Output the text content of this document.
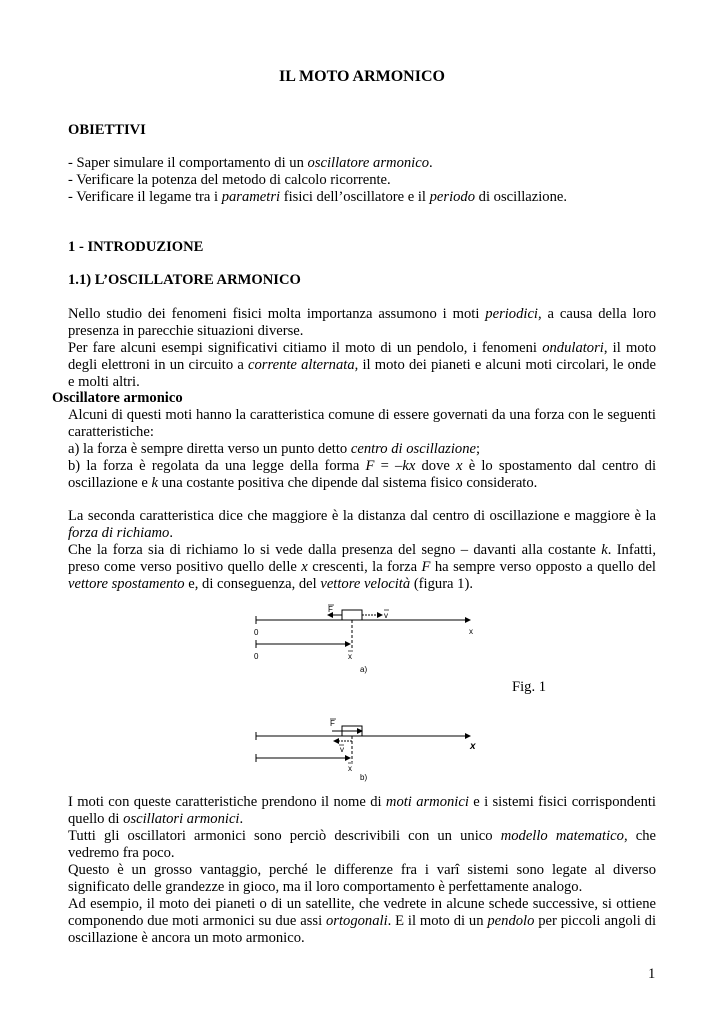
IL MOTO ARMONICO
OBIETTIVI
- Saper simulare il comportamento di un oscillatore armonico.
- Verificare la potenza del metodo di calcolo ricorrente.
- Verificare il legame tra i parametri fisici dell’oscillatore e il periodo di oscillazione.
1 - INTRODUZIONE
1.1) L’OSCILLATORE ARMONICO

Nello studio dei fenomeni fisici molta importanza assumono i moti periodici, a causa della loro presenza in parecchie situazioni diverse.

Per fare alcuni esempi significativi citiamo il moto di un pendolo, i fenomeni ondulatori, il moto degli elettroni in un circuito a corrente alternata, il moto dei pianeti e alcuni moti circolari, le onde e molti altri.

Oscillatore armonico

Alcuni di questi moti hanno la caratteristica comune di essere governati da una forza con le seguenti caratteristiche:

a) la forza è sempre diretta verso un punto detto centro di oscillazione;

b) la forza è regolata da una legge della forma F = –kx dove x è lo spostamento dal centro di oscillazione e k una costante positiva che dipende dal sistema fisico considerato.

La seconda caratteristica dice che maggiore è la distanza dal centro di oscillazione e maggiore è la forza di richiamo.

Che la forza sia di richiamo lo si vede dalla presenza del segno – davanti alla costante k. Infatti, preso come verso positivo quello delle x crescenti, la forza F ha sempre verso opposto a quello del vettore spostamento e, di conseguenza, del vettore velocità (figura 1).

F
v
0	x
0	x
a)
Fig. 1
F
x
v
x
b)

I moti con queste caratteristiche prendono il nome di moti armonici e i sistemi fisici corrispondenti quello di oscillatori armonici.

Tutti gli oscillatori armonici sono perciò descrivibili con un unico modello matematico, che vedremo fra poco.

Questo è un grosso vantaggio, perché le differenze fra i varî sistemi sono legate al diverso significato delle grandezze in gioco, ma il loro comportamento è perfettamente analogo.

Ad esempio, il moto dei pianeti o di un satellite, che vedrete in alcune schede successive, si ottiene componendo due moti armonici su due assi ortogonali. E il moto di un pendolo per piccoli angoli di oscillazione è ancora un moto armonico.

1
